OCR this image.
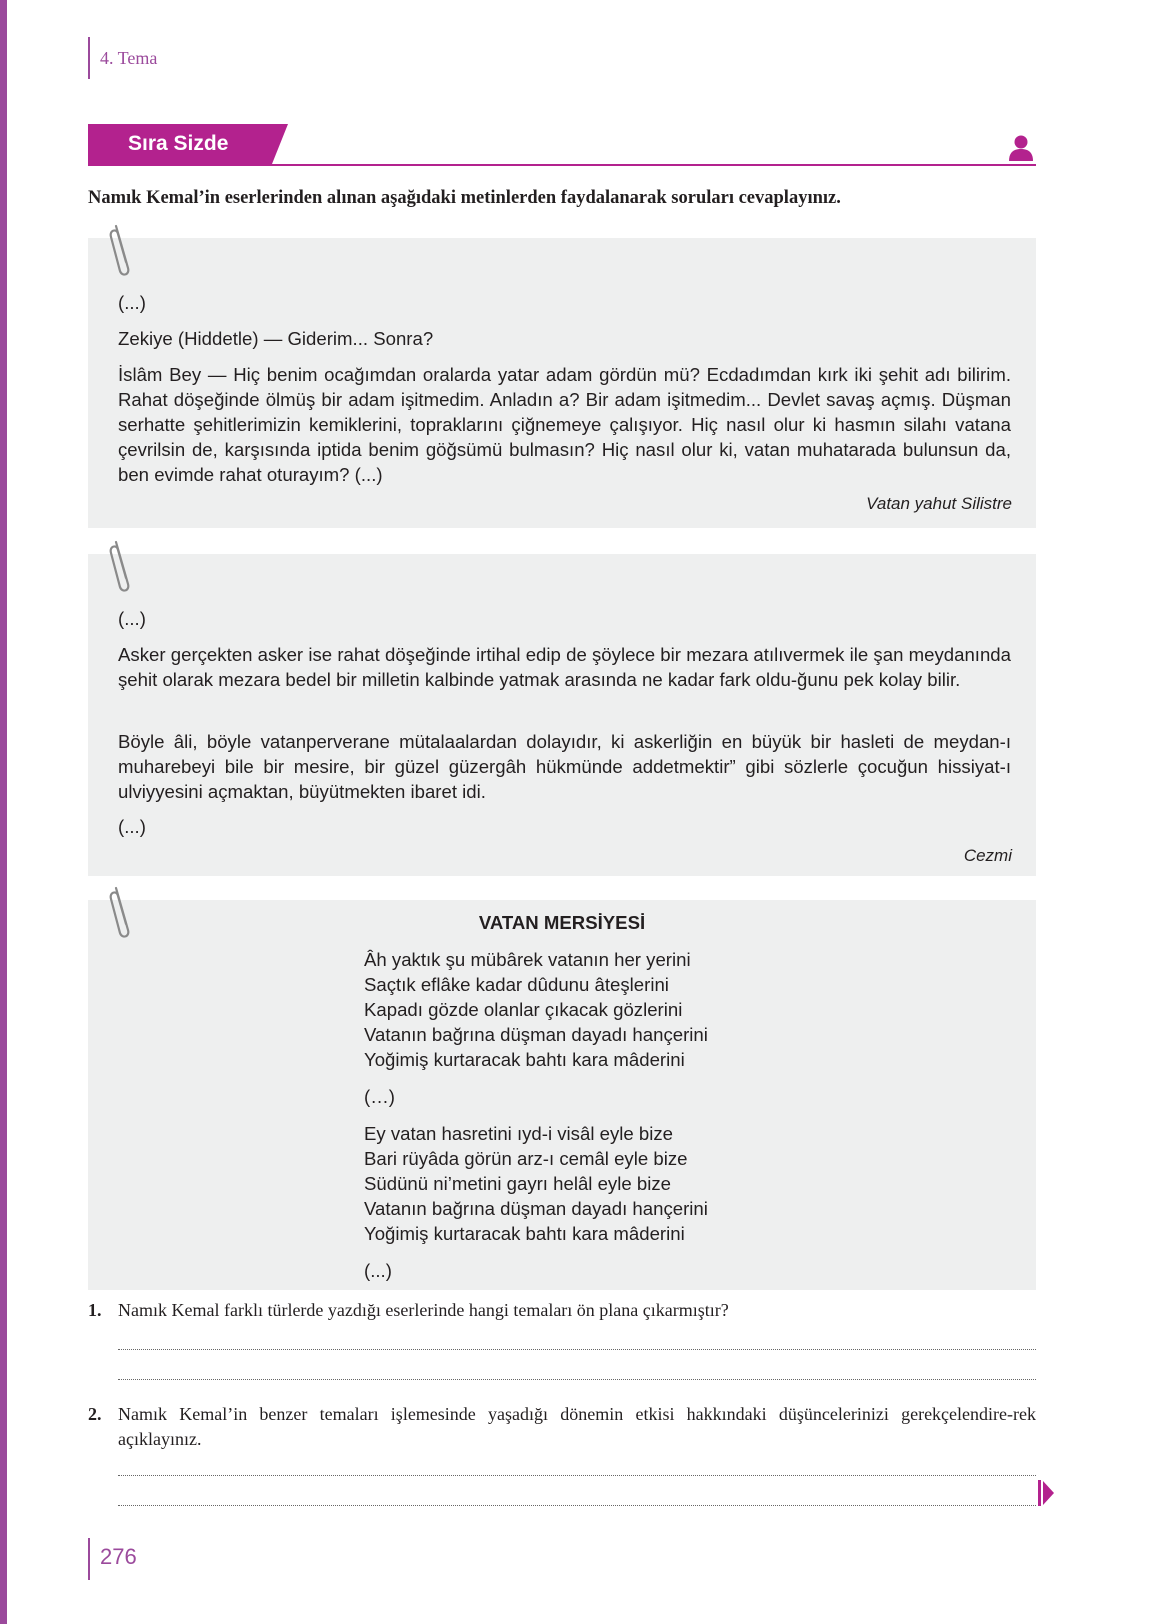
4. Tema
Sıra Sizde
Namık Kemal’in eserlerinden alınan aşağıdaki metinlerden faydalanarak soruları cevaplayınız.
(...)
Zekiye (Hiddetle) — Giderim... Sonra?
İslâm Bey — Hiç benim ocağımdan oralarda yatar adam gördün mü? Ecdadımdan kırk iki şehit adı bilirim. Rahat döşeğinde ölmüş bir adam işitmedim. Anladın a? Bir adam işitmedim... Devlet savaş açmış. Düşman serhatte şehitlerimizin kemiklerini, topraklarını çiğnemeye çalışıyor. Hiç nasıl olur ki hasmın silahı vatana çevrilsin de, karşısında iptida benim göğsümü bulmasın? Hiç nasıl olur ki, vatan muhatarada bulunsun da, ben evimde rahat oturayım? (...)
Vatan yahut Silistre
(...)
Asker gerçekten asker ise rahat döşeğinde irtihal edip de şöylece bir mezara atılıvermek ile şan meydanında şehit olarak mezara bedel bir milletin kalbinde yatmak arasında ne kadar fark oldu-ğunu pek kolay bilir.
Böyle âli, böyle vatanperverane mütalaalardan dolayıdır, ki askerliğin en büyük bir hasleti de meydan-ı muharebeyi bile bir mesire, bir güzel güzergâh hükmünde addetmektir” gibi sözlerle çocuğun hissiyat-ı ulviyyesini açmaktan, büyütmekten ibaret idi.
(...)
Cezmi
VATAN MERSİYESİ
Âh yaktık şu mübârek vatanın her yerini
Saçtık eflâke kadar dûdunu âteşlerini
Kapadı gözde olanlar çıkacak gözlerini
Vatanın bağrına düşman dayadı hançerini
Yoğimiş kurtaracak bahtı kara mâderini
(…)
Ey vatan hasretini ıyd-i visâl eyle bize
Bari rüyâda görün arz-ı cemâl eyle bize
Südünü ni’metini gayrı helâl eyle bize
Vatanın bağrına düşman dayadı hançerini
Yoğimiş kurtaracak bahtı kara mâderini
(...)
1. Namık Kemal farklı türlerde yazdığı eserlerinde hangi temaları ön plana çıkarmıştır?
2. Namık Kemal’in benzer temaları işlemesinde yaşadığı dönemin etkisi hakkındaki düşüncelerinizi gerekçelendire-rek açıklayınız.
276
